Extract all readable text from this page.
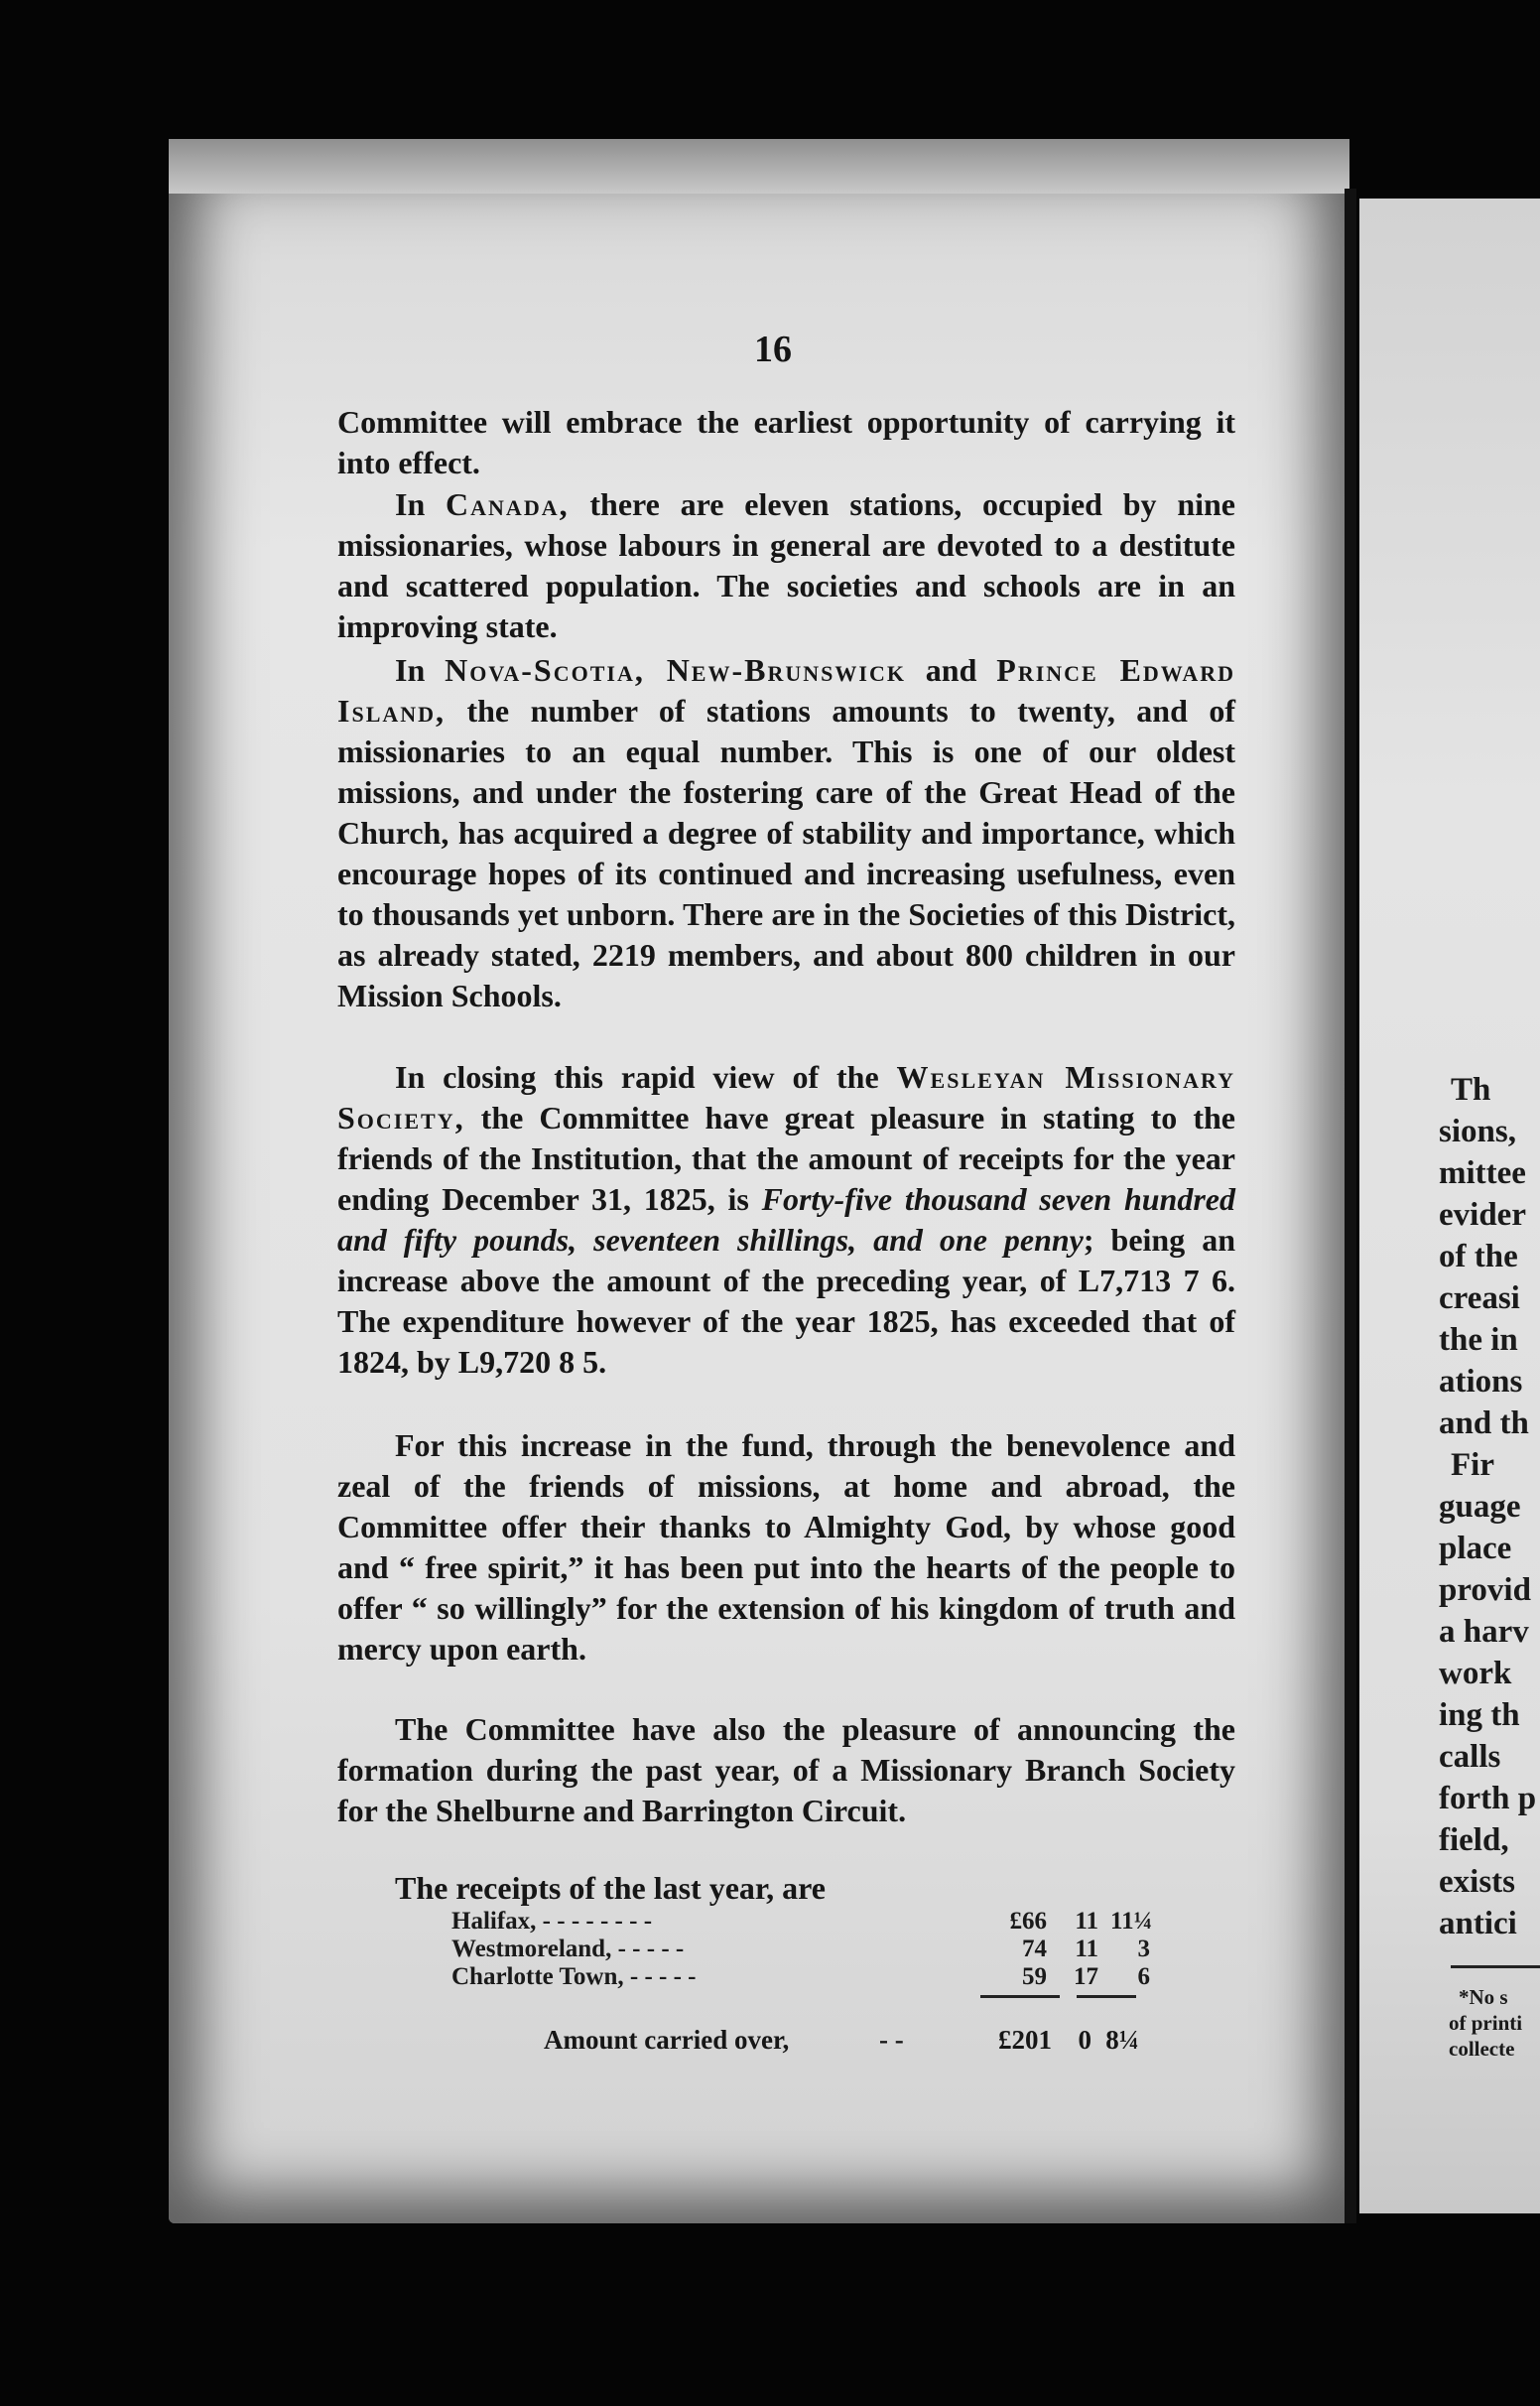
Th
sions,
mittee
evider
of the
creasi
the in
ations
and th
Fir
guage
place
provid
a harv
work
ing th
calls
forth p
field,
exists
antici
*No s
of printi
collecte
16
Committee will embrace the earliest opportunity of carrying it into effect.
In Canada, there are eleven stations, occupied by nine missionaries, whose labours in general are devoted to a destitute and scattered population. The societies and schools are in an improving state.
In Nova-Scotia, New-Brunswick and Prince Edward Island, the number of stations amounts to twenty, and of missionaries to an equal number. This is one of our oldest missions, and under the fostering care of the Great Head of the Church, has acquired a degree of stability and importance, which encourage hopes of its continued and increasing usefulness, even to thousands yet unborn. There are in the Societies of this District, as already stated, 2219 members, and about 800 children in our Mission Schools.
In closing this rapid view of the Wesleyan Missionary Society, the Committee have great pleasure in stating to the friends of the Institution, that the amount of receipts for the year ending December 31, 1825, is Forty-five thousand seven hundred and fifty pounds, seventeen shillings, and one penny; being an increase above the amount of the preceding year, of L7,713 7 6. The expenditure however of the year 1825, has exceeded that of 1824, by L9,720 8 5.
For this increase in the fund, through the benevolence and zeal of the friends of missions, at home and abroad, the Committee offer their thanks to Almighty God, by whose good and “ free spirit,” it has been put into the hearts of the people to offer “ so willingly” for the extension of his kingdom of truth and mercy upon earth.
The Committee have also the pleasure of announcing the formation during the past year, of a Missionary Branch Society for the Shelburne and Barrington Circuit.
The receipts of the last year, are
Halifax, - - - - - - - -	£66	11 11¼
Westmoreland, - - - - -	74	11	3
Charlotte Town, - - - - -	59	17	6
Amount carried over,	- -	£201 0 8¼
